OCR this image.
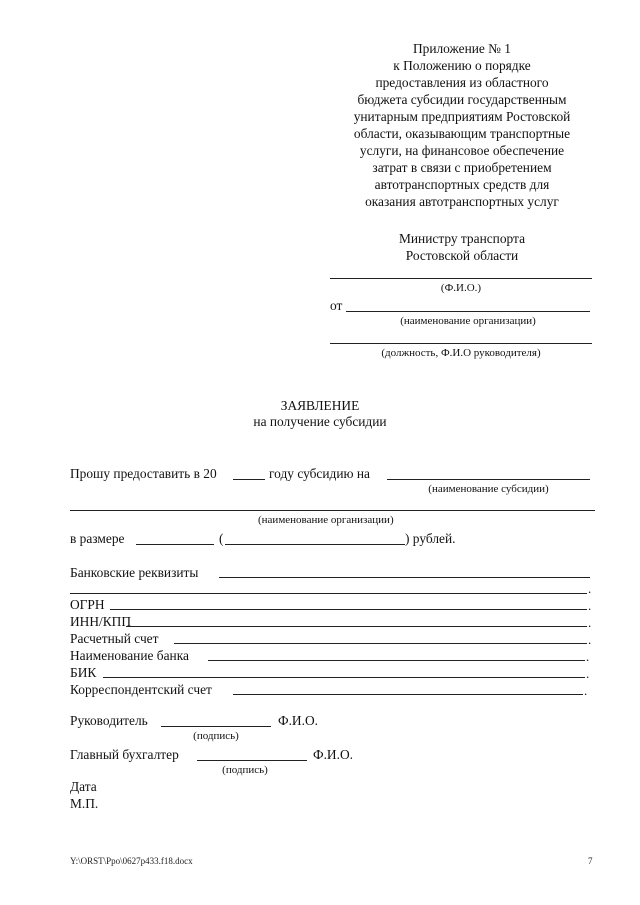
Приложение № 1
к Положению о порядке
предоставления из областного
бюджета субсидии государственным
унитарным предприятиям Ростовской
области, оказывающим транспортные
услуги, на финансовое обеспечение
затрат в связи с приобретением
автотранспортных средств для
оказания автотранспортных услуг
Министру транспорта
Ростовской области
(Ф.И.О.)
от
(наименование организации)
(должность, Ф.И.О руководителя)
ЗАЯВЛЕНИЕ
на получение субсидии
Прошу предоставить в 20	году субсидию на
(наименование субсидии)
(наименование организации)
в размере	(	) рублей.
Банковские реквизиты
.
ОГРН	.
ИНН/КПП	.
Расчетный счет	.
Наименование банка	.
БИК	.
Корреспондентский счет	.
Руководитель	Ф.И.О.
(подпись)
Главный бухгалтер	Ф.И.О.
(подпись)
Дата
М.П.
Y:\ORST\Ppo\0627p433.f18.docx	7
